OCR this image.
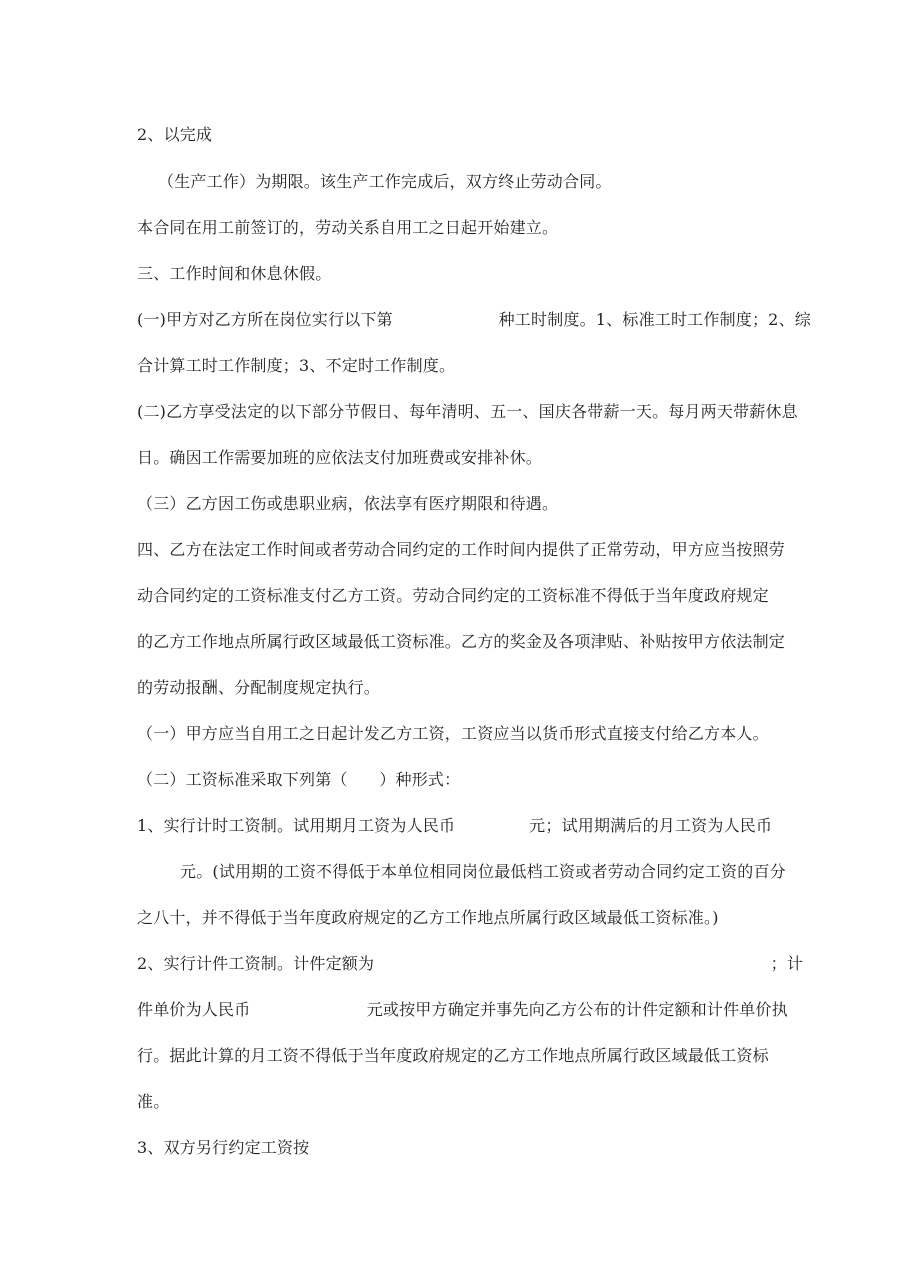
2、以完成
（生产工作）为期限。该生产工作完成后，双方终止劳动合同。
本合同在用工前签订的，劳动关系自用工之日起开始建立。
三、工作时间和休息休假。
(一)甲方对乙方所在岗位实行以下第                    种工时制度。1、标准工时工作制度；2、综
合计算工时工作制度；3、不定时工作制度。
(二)乙方享受法定的以下部分节假日、每年清明、五一、国庆各带薪一天。每月两天带薪休息
日。确因工作需要加班的应依法支付加班费或安排补休。
（三）乙方因工伤或患职业病，依法享有医疗期限和待遇。
四、乙方在法定工作时间或者劳动合同约定的工作时间内提供了正常劳动，甲方应当按照劳
动合同约定的工资标准支付乙方工资。劳动合同约定的工资标准不得低于当年度政府规定
的乙方工作地点所属行政区域最低工资标准。乙方的奖金及各项津贴、补贴按甲方依法制定
的劳动报酬、分配制度规定执行。
（一）甲方应当自用工之日起计发乙方工资，工资应当以货币形式直接支付给乙方本人。
（二）工资标准采取下列第（      ）种形式：
1、实行计时工资制。试用期月工资为人民币              元；试用期满后的月工资为人民币
元。(试用期的工资不得低于本单位相同岗位最低档工资或者劳动合同约定工资的百分
之八十，并不得低于当年度政府规定的乙方工作地点所属行政区域最低工资标准。)
2、实行计件工资制。计件定额为                                                                           ；计
件单价为人民币                      元或按甲方确定并事先向乙方公布的计件定额和计件单价执
行。据此计算的月工资不得低于当年度政府规定的乙方工作地点所属行政区域最低工资标
准。
3、双方另行约定工资按
